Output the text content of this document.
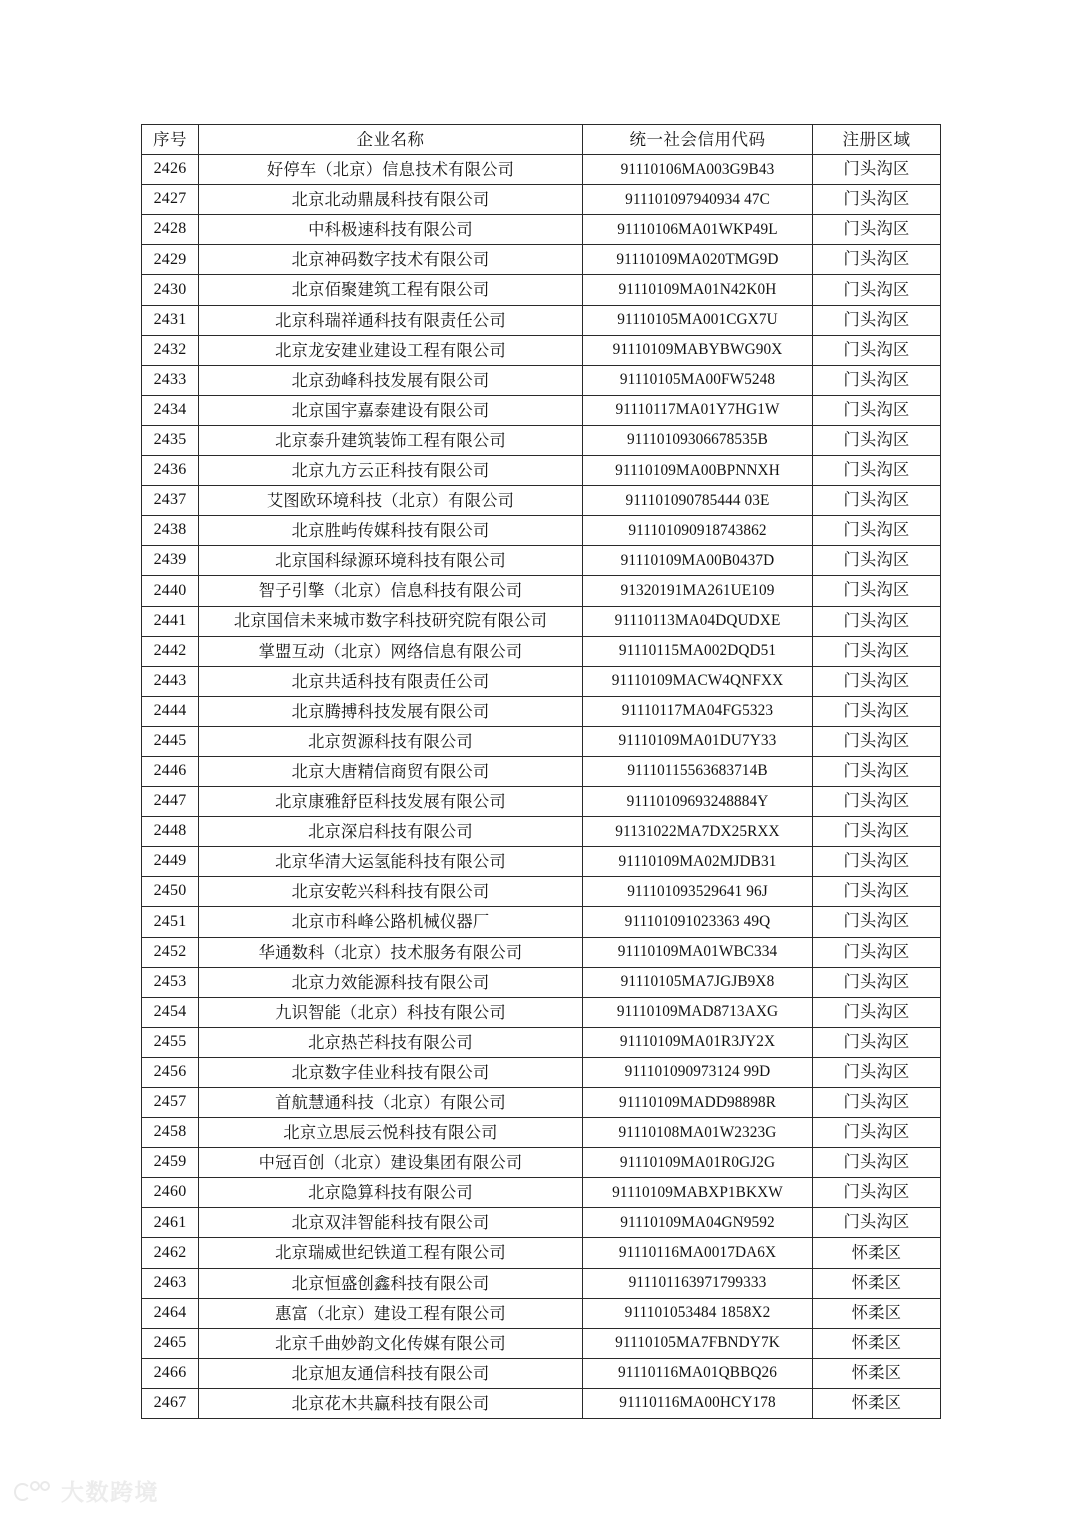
序号	企业名称	统一社会信用代码	注册区域
2426	好停车（北京）信息技术有限公司	91110106MA003G9B43	门头沟区
2427	北京北动鼎晟科技有限公司	911101097940934 47C	门头沟区
2428	中科极速科技有限公司	91110106MA01WKP49L	门头沟区
2429	北京神码数字技术有限公司	91110109MA020TMG9D	门头沟区
2430	北京佰聚建筑工程有限公司	91110109MA01N42K0H	门头沟区
2431	北京科瑞祥通科技有限责任公司	91110105MA001CGX7U	门头沟区
2432	北京龙安建业建设工程有限公司	91110109MABYBWG90X	门头沟区
2433	北京劲峰科技发展有限公司	91110105MA00FW5248	门头沟区
2434	北京国宇嘉泰建设有限公司	91110117MA01Y7HG1W	门头沟区
2435	北京泰升建筑装饰工程有限公司	91110109306678535B	门头沟区
2436	北京九方云正科技有限公司	91110109MA00BPNNXH	门头沟区
2437	艾图欧环境科技（北京）有限公司	911101090785444 03E	门头沟区
2438	北京胜屿传媒科技有限公司	911101090918743862	门头沟区
2439	北京国科绿源环境科技有限公司	91110109MA00B0437D	门头沟区
2440	智子引擎（北京）信息科技有限公司	91320191MA261UE109	门头沟区
2441	北京国信未来城市数字科技研究院有限公司	91110113MA04DQUDXE	门头沟区
2442	掌盟互动（北京）网络信息有限公司	91110115MA002DQD51	门头沟区
2443	北京共适科技有限责任公司	91110109MACW4QNFXX	门头沟区
2444	北京腾搏科技发展有限公司	91110117MA04FG5323	门头沟区
2445	北京贺源科技有限公司	91110109MA01DU7Y33	门头沟区
2446	北京大唐精信商贸有限公司	91110115563683714B	门头沟区
2447	北京康雅舒臣科技发展有限公司	91110109693248884Y	门头沟区
2448	北京深启科技有限公司	91131022MA7DX25RXX	门头沟区
2449	北京华清大运氢能科技有限公司	91110109MA02MJDB31	门头沟区
2450	北京安乾兴科科技有限公司	911101093529641 96J	门头沟区
2451	北京市科峰公路机械仪器厂	911101091023363 49Q	门头沟区
2452	华通数科（北京）技术服务有限公司	91110109MA01WBC334	门头沟区
2453	北京力效能源科技有限公司	91110105MA7JGJB9X8	门头沟区
2454	九识智能（北京）科技有限公司	91110109MAD8713AXG	门头沟区
2455	北京热芒科技有限公司	91110109MA01R3JY2X	门头沟区
2456	北京数字佳业科技有限公司	911101090973124 99D	门头沟区
2457	首航慧通科技（北京）有限公司	91110109MADD98898R	门头沟区
2458	北京立思辰云悦科技有限公司	91110108MA01W2323G	门头沟区
2459	中冠百创（北京）建设集团有限公司	91110109MA01R0GJ2G	门头沟区
2460	北京隐算科技有限公司	91110109MABXP1BKXW	门头沟区
2461	北京双沣智能科技有限公司	91110109MA04GN9592	门头沟区
2462	北京瑞威世纪铁道工程有限公司	91110116MA0017DA6X	怀柔区
2463	北京恒盛创鑫科技有限公司	911101163971799333	怀柔区
2464	惠富（北京）建设工程有限公司	911101053484 1858X2	怀柔区
2465	北京千曲妙韵文化传媒有限公司	91110105MA7FBNDY7K	怀柔区
2466	北京旭友通信科技有限公司	91110116MA01QBBQ26	怀柔区
2467	北京花木共赢科技有限公司	91110116MA00HCY178	怀柔区
大数跨境
